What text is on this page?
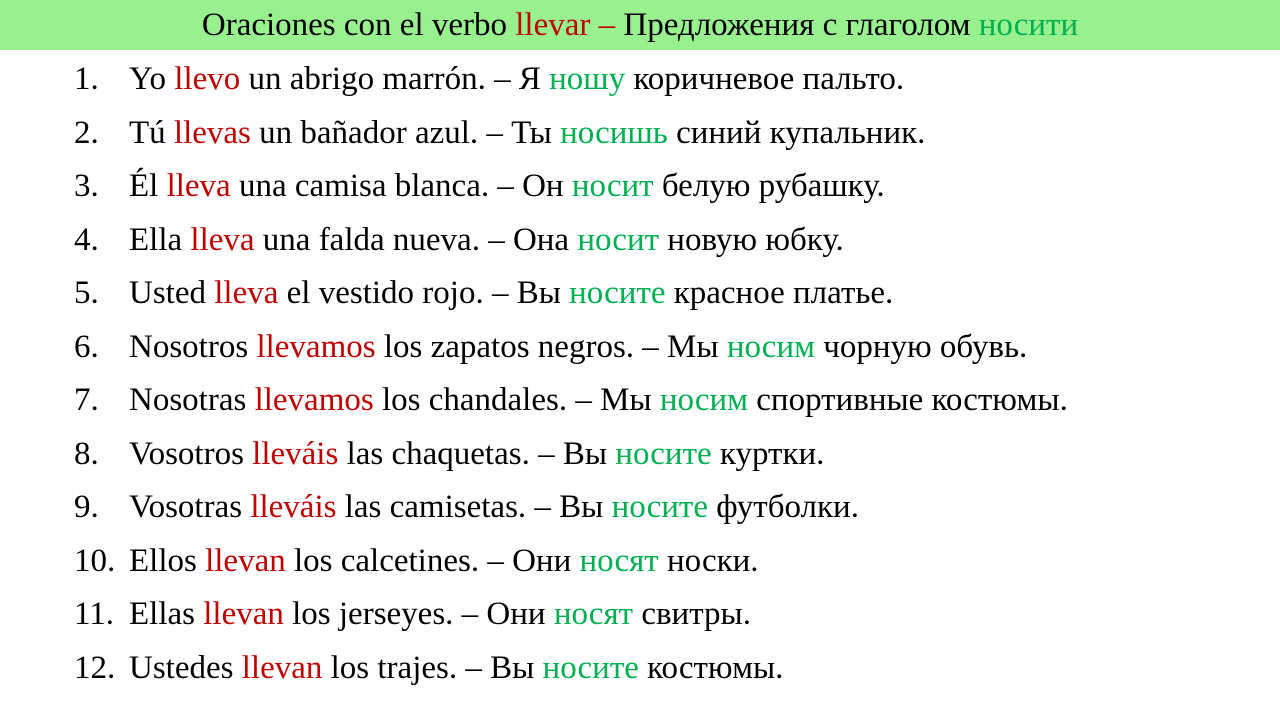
Oraciones con el verbo llevar – Предложения с глаголом носити
1. Yo llevo un abrigo marrón. – Я ношу коричневое пальто.
2. Tú llevas un bañador azul. – Ты носишь синий купальник.
3. Él lleva una camisa blanca. – Он носит белую рубашку.
4. Ella lleva una falda nueva. – Она носит новую юбку.
5. Usted lleva el vestido rojo. – Вы носите красное платье.
6. Nosotros llevamos los zapatos negros. – Мы носим чорную обувь.
7. Nosotras llevamos los chandales. – Мы носим спортивные костюмы.
8. Vosotros lleváis las chaquetas. – Вы носите куртки.
9. Vosotras lleváis las camisetas. – Вы носите футболки.
10. Ellos llevan los calcetines. – Они носят носки.
11. Ellas llevan los jerseyes. – Они носят свитры.
12. Ustedes llevan los trajes. – Вы носите костюмы.
